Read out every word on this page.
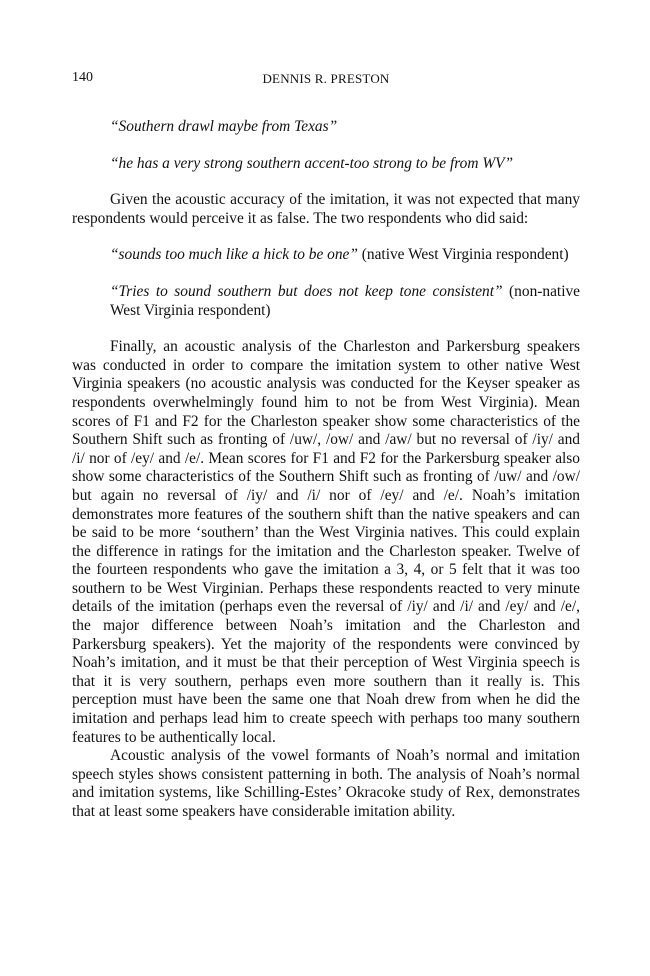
140	DENNIS R. PRESTON

“Southern drawl maybe from Texas”

“he has a very strong southern accent-too strong to be from WV”

Given the acoustic accuracy of the imitation, it was not expected that many respondents would perceive it as false. The two respondents who did said:

“sounds too much like a hick to be one” (native West Virginia respondent)

“Tries to sound southern but does not keep tone consistent” (non-native West Virginia respondent)

Finally, an acoustic analysis of the Charleston and Parkersburg speakers was conducted in order to compare the imitation system to other native West Virginia speakers (no acoustic analysis was conducted for the Keyser speaker as respondents overwhelmingly found him to not be from West Virginia). Mean scores of F1 and F2 for the Charleston speaker show some characteristics of the Southern Shift such as fronting of /uw/, /ow/ and /aw/ but no reversal of /iy/ and /i/ nor of /ey/ and /e/. Mean scores for F1 and F2 for the Parkersburg speaker also show some characteristics of the Southern Shift such as fronting of /uw/ and /ow/ but again no reversal of /iy/ and /i/ nor of /ey/ and /e/. Noah’s imitation demonstrates more features of the southern shift than the native speakers and can be said to be more ‘southern’ than the West Virginia natives. This could explain the difference in ratings for the imitation and the Charleston speaker. Twelve of the fourteen respondents who gave the imitation a 3, 4, or 5 felt that it was too southern to be West Virginian. Perhaps these respondents reacted to very minute details of the imitation (perhaps even the reversal of /iy/ and /i/ and /ey/ and /e/, the major difference between Noah’s imitation and the Charleston and Parkersburg speakers). Yet the majority of the respondents were convinced by Noah’s imitation, and it must be that their perception of West Virginia speech is that it is very southern, perhaps even more southern than it really is. This perception must have been the same one that Noah drew from when he did the imitation and perhaps lead him to create speech with perhaps too many southern features to be authentically local.

Acoustic analysis of the vowel formants of Noah’s normal and imitation speech styles shows consistent patterning in both. The analysis of Noah’s normal and imitation systems, like Schilling-Estes’ Okracoke study of Rex, demonstrates that at least some speakers have considerable imitation ability.
